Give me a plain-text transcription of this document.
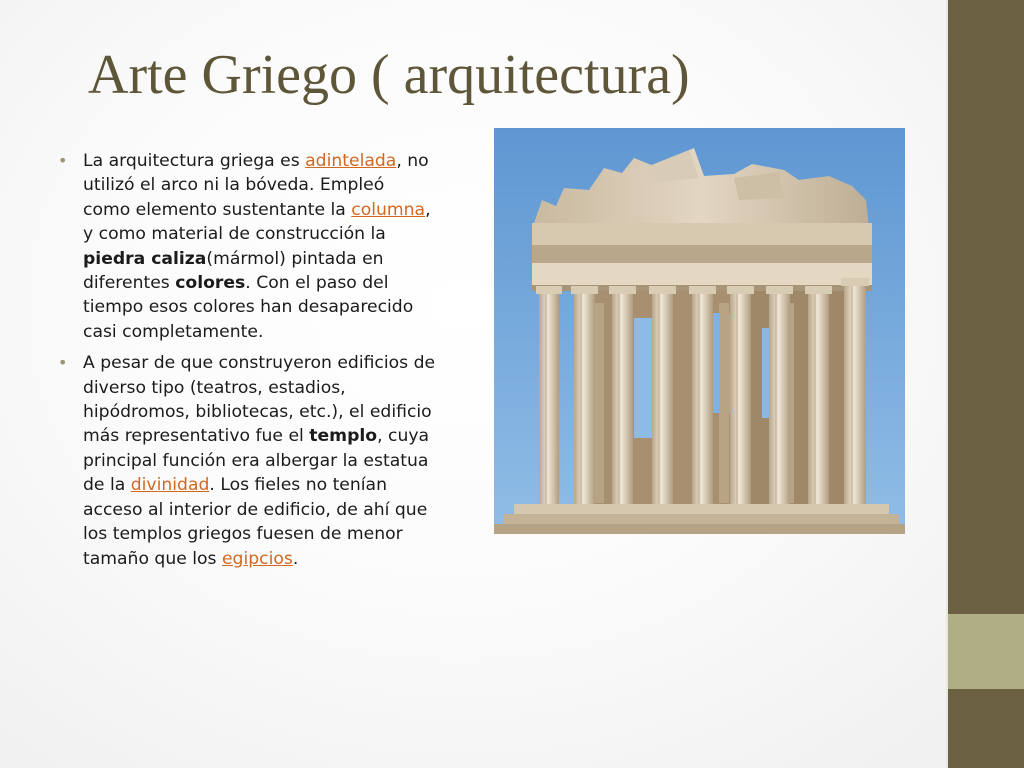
Arte Griego ( arquitectura)
• La arquitectura griega es adintelada, no utilizó el arco ni la bóveda. Empleó como elemento sustentante la columna, y como material de construcción la piedra caliza(mármol) pintada en diferentes colores. Con el paso del tiempo esos colores han desaparecido casi completamente.
• A pesar de que construyeron edificios de diverso tipo (teatros, estadios, hipódromos, bibliotecas, etc.), el edificio más representativo fue el templo, cuya principal función era albergar la estatua de la divinidad. Los fieles no tenían acceso al interior de edificio, de ahí que los templos griegos fuesen de menor tamaño que los egipcios.
